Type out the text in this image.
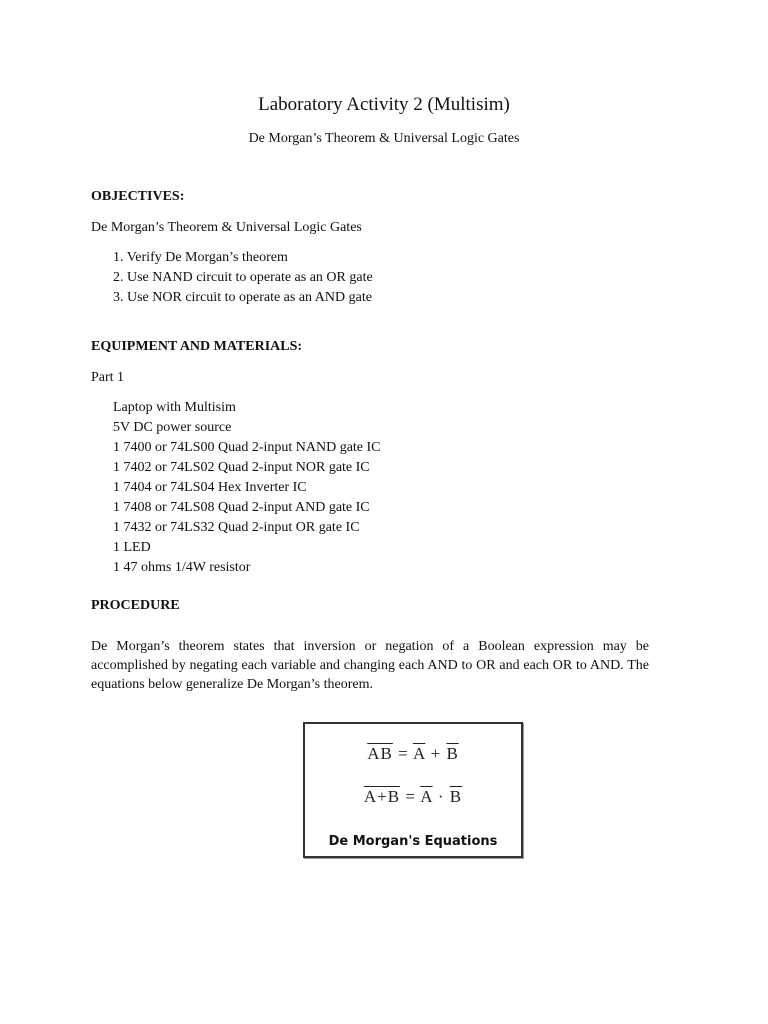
Laboratory Activity 2 (Multisim)
De Morgan’s Theorem & Universal Logic Gates
OBJECTIVES:
De Morgan’s Theorem & Universal Logic Gates
1. Verify De Morgan’s theorem
2. Use NAND circuit to operate as an OR gate
3. Use NOR circuit to operate as an AND gate
EQUIPMENT AND MATERIALS:
Part 1
Laptop with Multisim
5V DC power source
1 7400 or 74LS00 Quad 2-input NAND gate IC
1 7402 or 74LS02 Quad 2-input NOR gate IC
1 7404 or 74LS04 Hex Inverter IC
1 7408 or 74LS08 Quad 2-input AND gate IC
1 7432 or 74LS32 Quad 2-input OR gate IC
1 LED
1 47 ohms 1/4W resistor
PROCEDURE

De Morgan’s theorem states that inversion or negation of a Boolean expression may be accomplished by negating each variable and changing each AND to OR and each OR to AND. The equations below generalize De Morgan’s theorem.

$\overline{AB} = \overline{A} + \overline{B}$
$A+B = \overline{A} \cdot \overline{B}$
De Morgan's Equations
